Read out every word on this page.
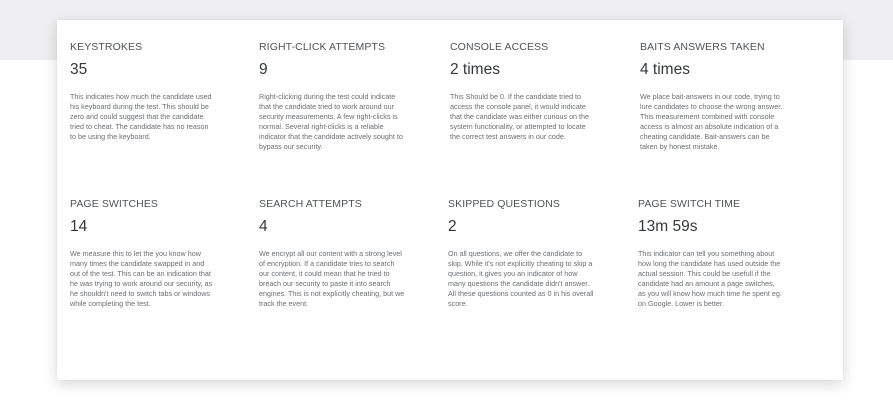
KEYSTROKES
35
This indicates how much the candidate used his keyboard during the test. This should be zero and could suggest that the candidate tried to cheat. The candidate has no reason to be using the keyboard.
RIGHT-CLICK ATTEMPTS
9
Right-clicking during the test could indicate that the candidate tried to work around our security measurements. A few right-clicks is normal. Several right-clicks is a reliable indicator that the candidate actively sought to bypass our security.
CONSOLE ACCESS
2 times
This Should be 0. If the candidate tried to access the console panel, it would indicate that the candidate was either curious on the system functionality, or attempted to locate the correct test answers in our code.
BAITS ANSWERS TAKEN
4 times
We place bait-answers in our code, trying to lure candidates to choose the wrong answer. This measurement combined with console access is almost an absolute indication of a cheating candidate. Bait-answers can be taken by honest mistake.
PAGE SWITCHES
14
We measure this to let the you know how many times the candidate swapped in and out of the test. This can be an indication that he was trying to work around our security, as he shouldn't need to switch tabs or windows while completing the test.
SEARCH ATTEMPTS
4
We encrypt all our content with a strong level of encryption. If a candidate tries to search our content, it could mean that he tried to breach our security to paste it into search engines. This is not explicitly cheating, but we track the event.
SKIPPED QUESTIONS
2
On all questions, we offer the candidate to skip. While it's not explicitly cheating to skip a question, it gives you an indicator of how many questions the candidate didn't answer. All these questions counted as 0 in his overall score.
PAGE SWITCH TIME
13m 59s
This indicator can tell you something about how long the candidate has used outside the actual session. This could be usefull if the candidate had an amount a page switches, as you will know how much time he spent eg. on Google. Lower is better.
